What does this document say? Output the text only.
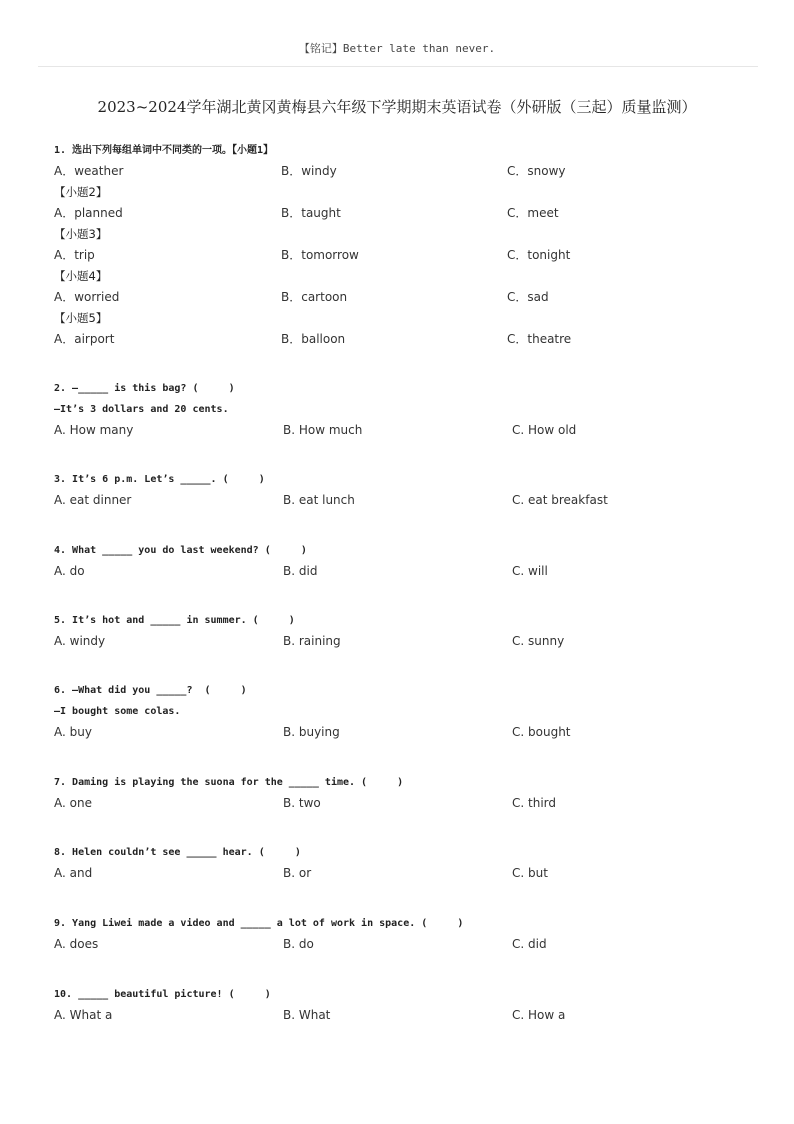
【铭记】Better late than never.
2023~2024学年湖北黄冈黄梅县六年级下学期期末英语试卷（外研版（三起）质量监测）
1. 选出下列每组单词中不同类的一项。【小题1】
A．weather	B．windy	C．snowy
【小题2】
A．planned	B．taught	C．meet
【小题3】
A．trip	B．tomorrow	C．tonight
【小题4】
A．worried	B．cartoon	C．sad
【小题5】
A．airport	B．balloon	C．theatre
2. —_____ is this bag? (     )
—It’s 3 dollars and 20 cents.
A. How many	B. How much	C. How old
3. It’s 6 p.m. Let’s _____. (     )
A. eat dinner	B. eat lunch	C. eat breakfast
4. What _____ you do last weekend? (     )
A. do	B. did	C. will
5. It’s hot and _____ in summer. (     )
A. windy	B. raining	C. sunny
6. —What did you _____?  (     )
—I bought some colas.
A. buy	B. buying	C. bought
7. Daming is playing the suona for the _____ time. (     )
A. one	B. two	C. third
8. Helen couldn’t see _____ hear. (     )
A. and	B. or	C. but
9. Yang Liwei made a video and _____ a lot of work in space. (     )
A. does	B. do	C. did
10. _____ beautiful picture! (     )
A. What a	B. What	C. How a
